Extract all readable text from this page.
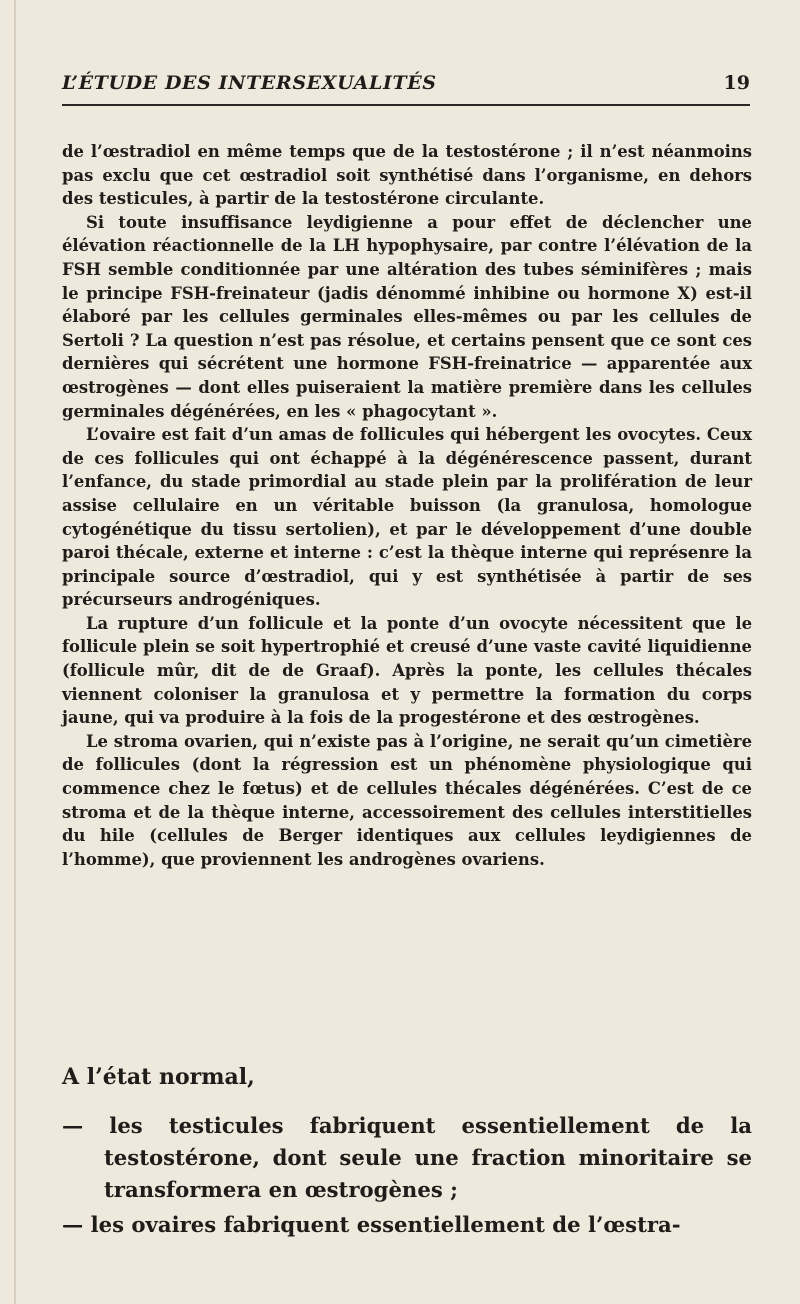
L’ÉTUDE DES INTERSEXUALITÉS	19

de l’œstradiol en même temps que de la testostérone ; il n’est néanmoins pas exclu que cet œstradiol soit synthétisé dans l’organisme, en dehors des testicules, à partir de la testostérone circulante.

Si toute insuffisance leydigienne a pour effet de déclencher une élévation réactionnelle de la LH hypophysaire, par contre l’élévation de la FSH semble conditionnée par une altération des tubes séminifères ; mais le principe FSH-freinateur (jadis dénommé inhibine ou hormone X) est-il élaboré par les cellules germinales elles-mêmes ou par les cellules de Sertoli ? La question n’est pas résolue, et certains pensent que ce sont ces dernières qui sécrétent une hormone FSH-freinatrice — apparentée aux œstrogènes — dont elles puiseraient la matière première dans les cellules germinales dégénérées, en les « phagocytant ».

L’ovaire est fait d’un amas de follicules qui hébergent les ovocytes. Ceux de ces follicules qui ont échappé à la dégénérescence passent, durant l’enfance, du stade primordial au stade plein par la prolifération de leur assise cellulaire en un véritable buisson (la granulosa, homologue cytogénétique du tissu sertolien), et par le développement d’une double paroi thécale, externe et interne : c’est la thèque interne qui représenre la principale source d’œstradiol, qui y est synthétisée à partir de ses précurseurs androgéniques.

La rupture d’un follicule et la ponte d’un ovocyte nécessitent que le follicule plein se soit hypertrophié et creusé d’une vaste cavité liquidienne (follicule mûr, dit de de Graaf). Après la ponte, les cellules thécales viennent coloniser la granulosa et y permettre la formation du corps jaune, qui va produire à la fois de la progestérone et des œstrogènes.

Le stroma ovarien, qui n’existe pas à l’origine, ne serait qu’un cimetière de follicules (dont la régression est un phénomène physiologique qui commence chez le fœtus) et de cellules thécales dégénérées. C’est de ce stroma et de la thèque interne, accessoirement des cellules interstitielles du hile (cellules de Berger identiques aux cellules leydigiennes de l’homme), que proviennent les androgènes ovariens.

A l’état normal,
— les testicules fabriquent essentiellement de la testostérone, dont seule une fraction minoritaire se transformera en œstrogènes ;
— les ovaires fabriquent essentiellement de l’œstra-
